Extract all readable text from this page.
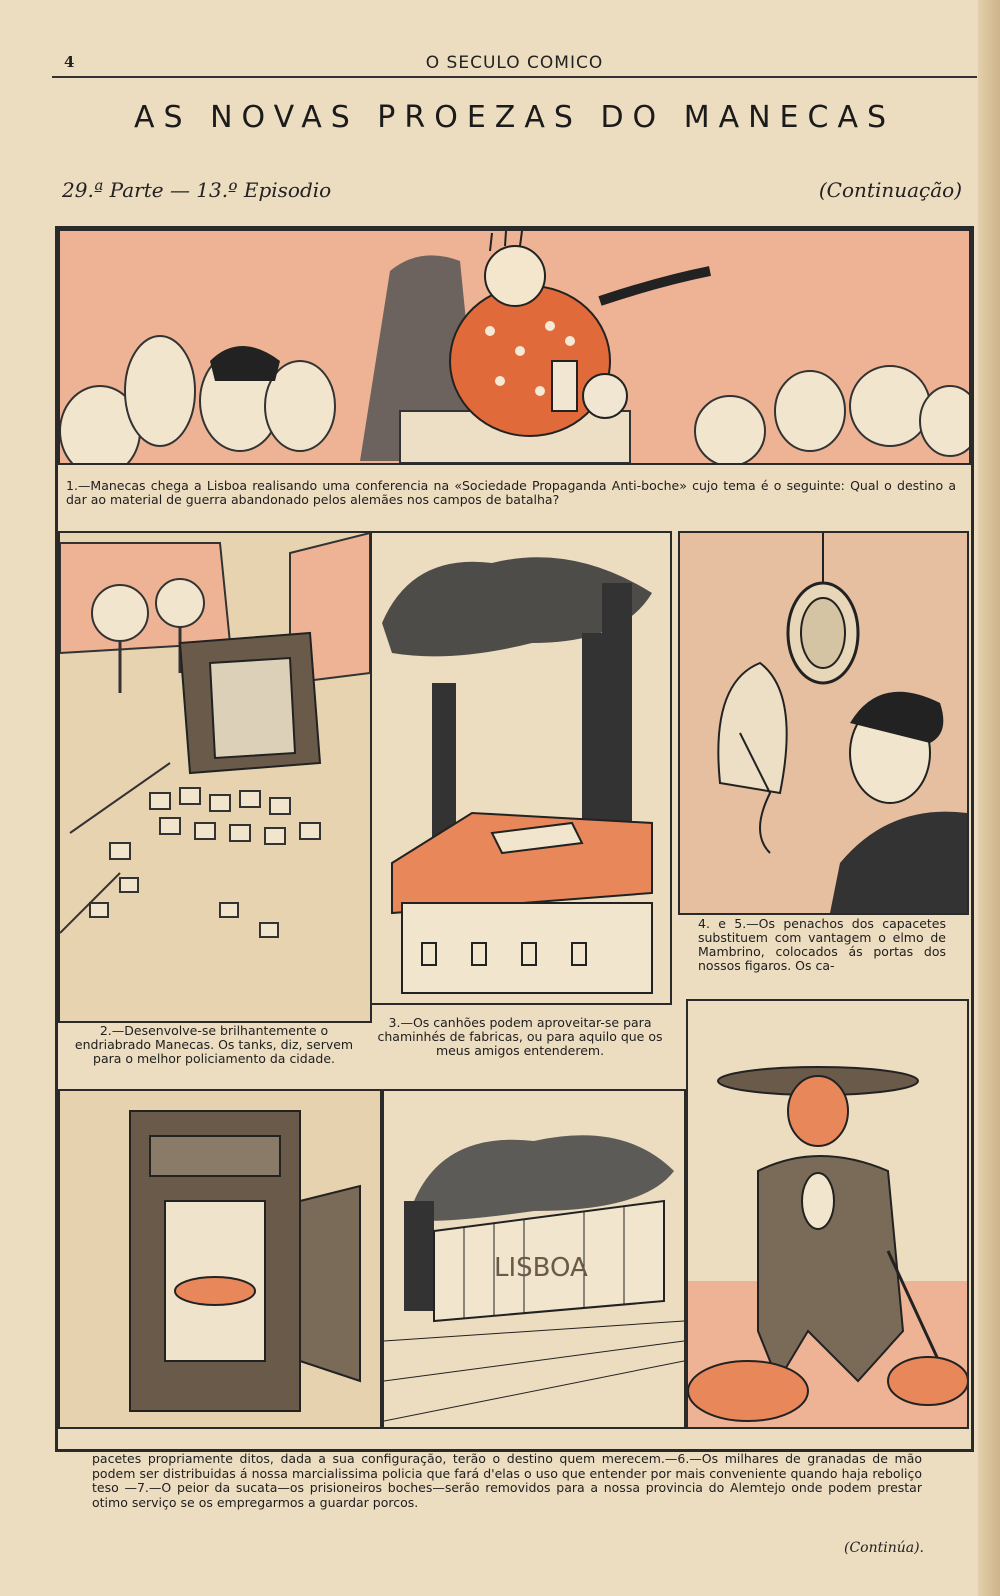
4	O SECULO COMICO
AS NOVAS PROEZAS DO MANECAS
29.ª Parte — 13.º Episodio	(Continuação)
1.—Manecas chega a Lisboa realisando uma conferencia na «Sociedade Propaganda Anti-boche» cujo tema é o seguinte: Qual o destino a dar ao material de guerra abandonado pelos alemães nos campos de batalha?
3.—Os canhões podem aproveitar-se para chaminhés de fabricas, ou para aquilo que os meus amigos entenderem.
4. e 5.—Os penachos dos capacetes substituem com vantagem o elmo de Mambrino, colocados ás portas dos nossos figaros. Os ca-
2.—Desenvolve-se brilhantemente o endriabrado Manecas. Os tanks, diz, servem para o melhor policiamento da cidade.
LISBOA
pacetes propriamente ditos, dada a sua configuração, terão o destino quem merecem.—6.—Os milhares de granadas de mão podem ser distribuidas á nossa marcialissima policia que fará d'elas o uso que entender por mais conveniente quando haja reboliço teso —7.—O peior da sucata—os prisioneiros boches—serão removidos para a nossa provincia do Alemtejo onde podem prestar otimo serviço se os empregarmos a guardar porcos.
(Continúa).
